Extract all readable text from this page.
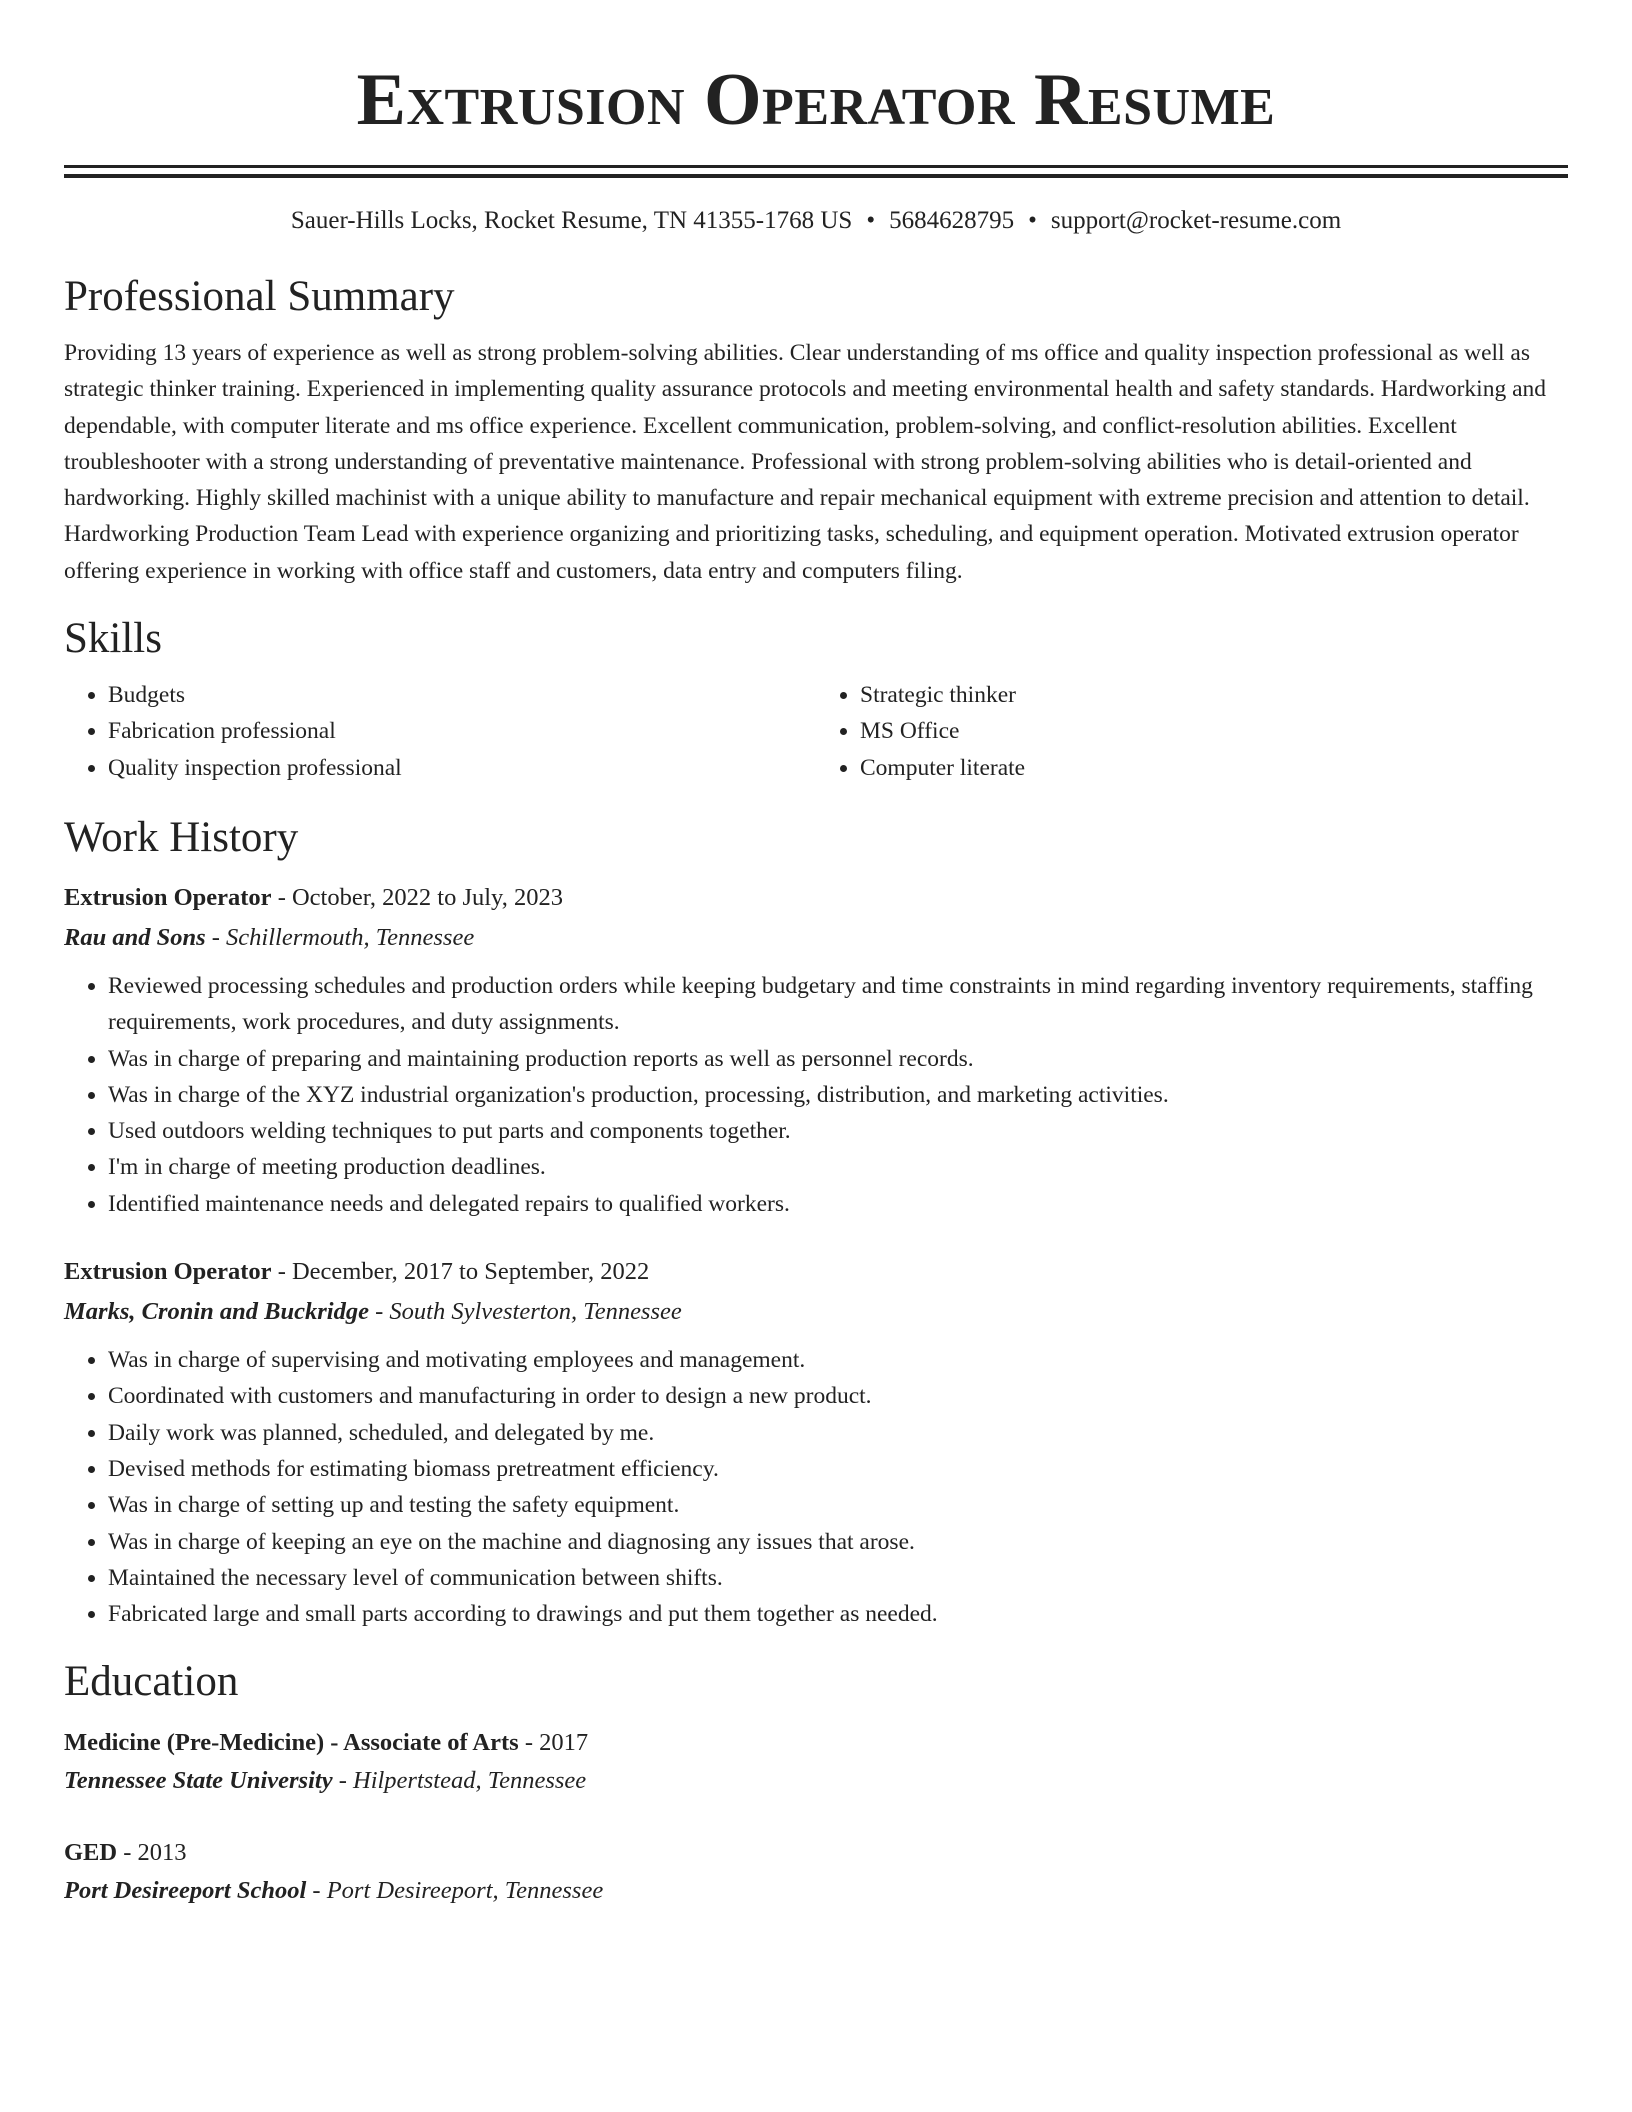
Extrusion Operator Resume
Sauer-Hills Locks, Rocket Resume, TN 41355-1768 US • 5684628795 • support@rocket-resume.com
Professional Summary

Providing 13 years of experience as well as strong problem-solving abilities. Clear understanding of ms office and quality inspection professional as well as strategic thinker training. Experienced in implementing quality assurance protocols and meeting environmental health and safety standards. Hardworking and dependable, with computer literate and ms office experience. Excellent communication, problem-solving, and conflict-resolution abilities. Excellent troubleshooter with a strong understanding of preventative maintenance. Professional with strong problem-solving abilities who is detail-oriented and hardworking. Highly skilled machinist with a unique ability to manufacture and repair mechanical equipment with extreme precision and attention to detail. Hardworking Production Team Lead with experience organizing and prioritizing tasks, scheduling, and equipment operation. Motivated extrusion operator offering experience in working with office staff and customers, data entry and computers filing.

Skills
• Budgets
• Fabrication professional
• Quality inspection professional
• Strategic thinker
• MS Office
• Computer literate
Work History
Extrusion Operator - October, 2022 to July, 2023
Rau and Sons - Schillermouth, Tennessee
• Reviewed processing schedules and production orders while keeping budgetary and time constraints in mind regarding inventory requirements, staffing requirements, work procedures, and duty assignments.
• Was in charge of preparing and maintaining production reports as well as personnel records.
• Was in charge of the XYZ industrial organization's production, processing, distribution, and marketing activities.
• Used outdoors welding techniques to put parts and components together.
• I'm in charge of meeting production deadlines.
• Identified maintenance needs and delegated repairs to qualified workers.
Extrusion Operator - December, 2017 to September, 2022
Marks, Cronin and Buckridge - South Sylvesterton, Tennessee
• Was in charge of supervising and motivating employees and management.
• Coordinated with customers and manufacturing in order to design a new product.
• Daily work was planned, scheduled, and delegated by me.
• Devised methods for estimating biomass pretreatment efficiency.
• Was in charge of setting up and testing the safety equipment.
• Was in charge of keeping an eye on the machine and diagnosing any issues that arose.
• Maintained the necessary level of communication between shifts.
• Fabricated large and small parts according to drawings and put them together as needed.
Education
Medicine (Pre-Medicine) - Associate of Arts - 2017
Tennessee State University - Hilpertstead, Tennessee
GED - 2013
Port Desireeport School - Port Desireeport, Tennessee
